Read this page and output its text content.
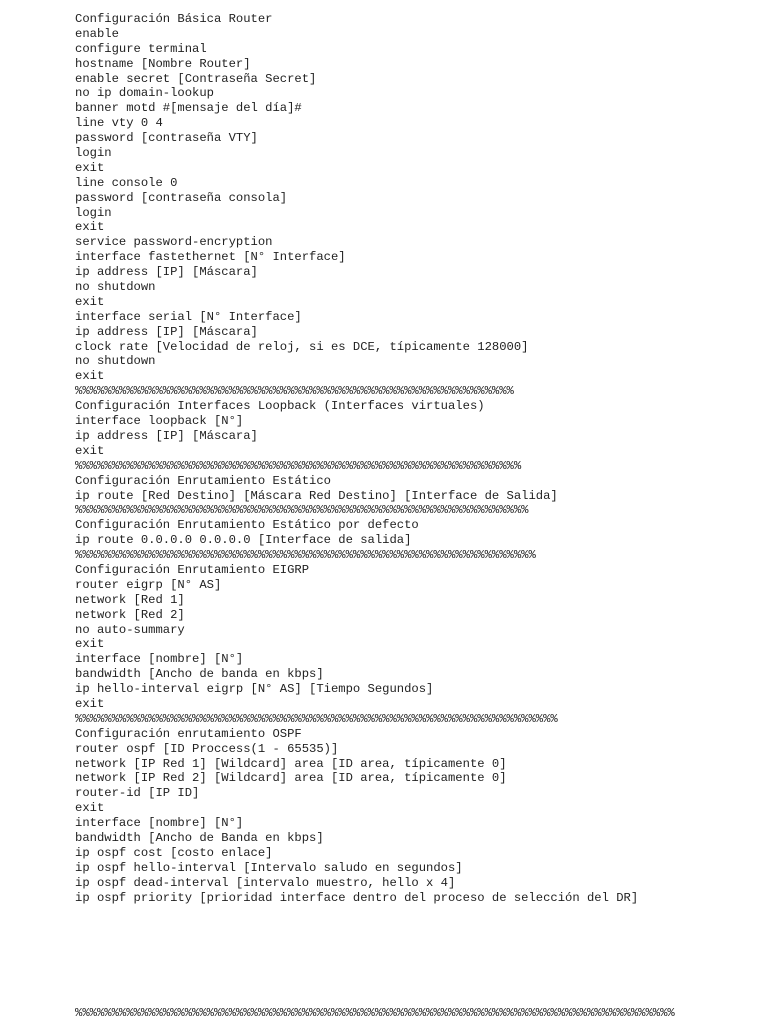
Configuración Básica Router
enable
configure terminal
hostname [Nombre Router]
enable secret [Contraseña Secret]
no ip domain-lookup
banner motd #[mensaje del día]#
line vty 0 4
password [contraseña VTY]
login
exit
line console 0
password [contraseña consola]
login
exit
service password-encryption
interface fastethernet [N° Interface]
ip address [IP] [Máscara]
no shutdown
exit
interface serial [N° Interface]
ip address [IP] [Máscara]
clock rate [Velocidad de reloj, si es DCE, típicamente 128000]
no shutdown
exit
%%%%%%%%%%%%%%%%%%%%%%%%%%%%%%%%%%%%%%%%%%%%%%%%%%%%%%%%%%%%
Configuración Interfaces Loopback (Interfaces virtuales)
interface loopback [N°]
ip address [IP] [Máscara]
exit
%%%%%%%%%%%%%%%%%%%%%%%%%%%%%%%%%%%%%%%%%%%%%%%%%%%%%%%%%%%%%
Configuración Enrutamiento Estático
ip route [Red Destino] [Máscara Red Destino] [Interface de Salida]
%%%%%%%%%%%%%%%%%%%%%%%%%%%%%%%%%%%%%%%%%%%%%%%%%%%%%%%%%%%%%%
Configuración Enrutamiento Estático por defecto
ip route 0.0.0.0 0.0.0.0 [Interface de salida]
%%%%%%%%%%%%%%%%%%%%%%%%%%%%%%%%%%%%%%%%%%%%%%%%%%%%%%%%%%%%%%%
Configuración Enrutamiento EIGRP
router eigrp [N° AS]
network [Red 1]
network [Red 2]
no auto-summary
exit
interface [nombre] [N°]
bandwidth [Ancho de banda en kbps]
ip hello-interval eigrp [N° AS] [Tiempo Segundos]
exit
%%%%%%%%%%%%%%%%%%%%%%%%%%%%%%%%%%%%%%%%%%%%%%%%%%%%%%%%%%%%%%%%%%
Configuración enrutamiento OSPF
router ospf [ID Proccess(1 - 65535)]
network [IP Red 1] [Wildcard] area [ID area, típicamente 0]
network [IP Red 2] [Wildcard] area [ID area, típicamente 0]
router-id [IP ID]
exit
interface [nombre] [N°]
bandwidth [Ancho de Banda en kbps]
ip ospf cost [costo enlace]
ip ospf hello-interval [Intervalo saludo en segundos]
ip ospf dead-interval [intervalo muestro, hello x 4]
ip ospf priority [prioridad interface dentro del proceso de selección del DR]
%%%%%%%%%%%%%%%%%%%%%%%%%%%%%%%%%%%%%%%%%%%%%%%%%%%%%%%%%%%%%%%%%%%%%%%%%%%%%%%%%%
